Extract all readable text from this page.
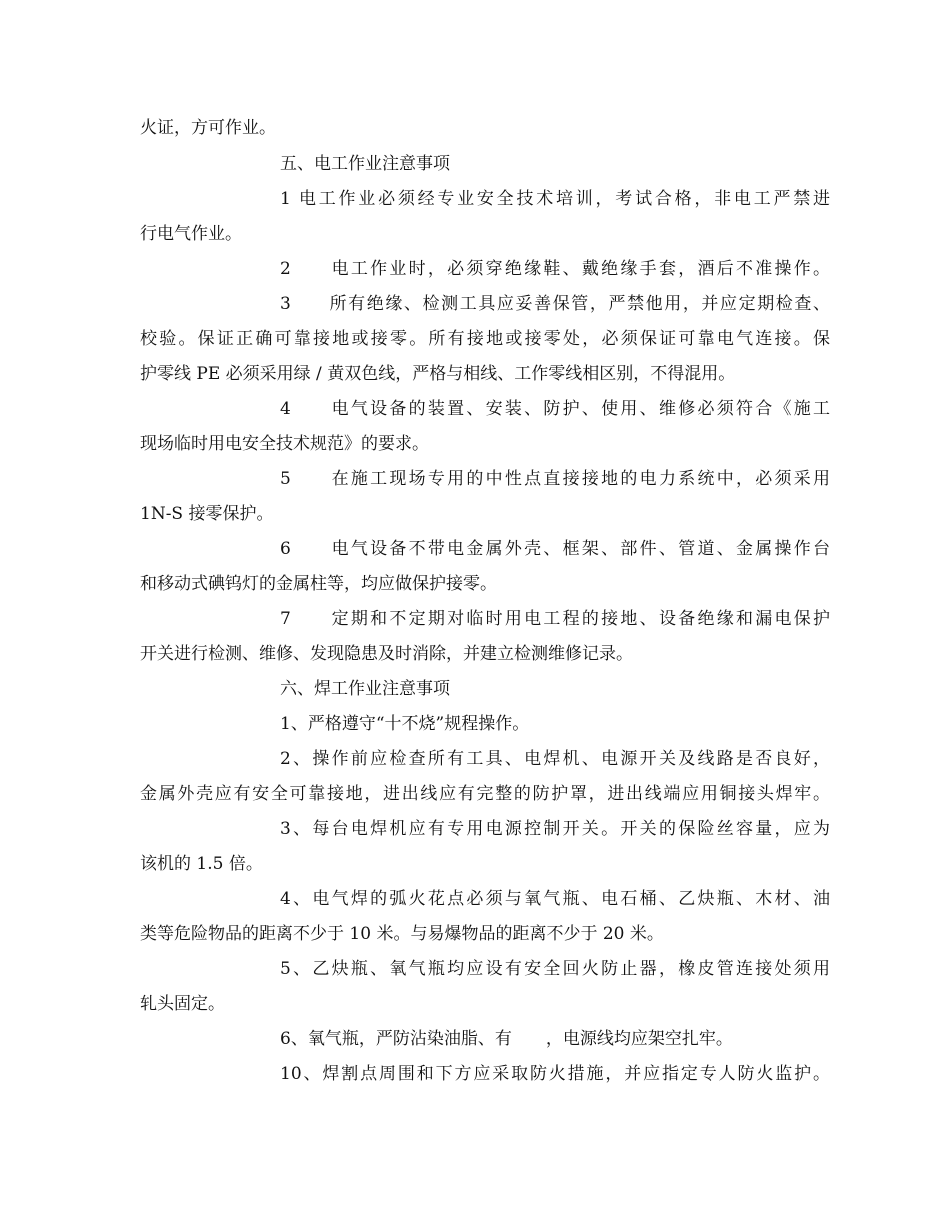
火证，方可作业。
五、电工作业注意事项
1 电工作业必须经专业安全技术培训，考试合格，非电工严禁进
行电气作业。
2　　电工作业时，必须穿绝缘鞋、戴绝缘手套，酒后不准操作。
3　　所有绝缘、检测工具应妥善保管，严禁他用，并应定期检查、
校验。保证正确可靠接地或接零。所有接地或接零处，必须保证可靠电气连接。保
护零线 PE 必须采用绿 / 黄双色线，严格与相线、工作零线相区别，不得混用。
4　　电气设备的装置、安装、防护、使用、维修必须符合《施工
现场临时用电安全技术规范》的要求。
5　　在施工现场专用的中性点直接接地的电力系统中，必须采用
1N-S 接零保护。
6　　电气设备不带电金属外壳、框架、部件、管道、金属操作台
和移动式碘钨灯的金属柱等，均应做保护接零。
7　　定期和不定期对临时用电工程的接地、设备绝缘和漏电保护
开关进行检测、维修、发现隐患及时消除，并建立检测维修记录。
六、焊工作业注意事项
1、严格遵守“十不烧”规程操作。
2、操作前应检查所有工具、电焊机、电源开关及线路是否良好，
金属外壳应有安全可靠接地，进出线应有完整的防护罩，进出线端应用铜接头焊牢。
3、每台电焊机应有专用电源控制开关。开关的保险丝容量，应为
该机的 1.5 倍。
4、电气焊的弧火花点必须与氧气瓶、电石桶、乙炔瓶、木材、油
类等危险物品的距离不少于 10 米。与易爆物品的距离不少于 20 米。
5、乙炔瓶、氧气瓶均应设有安全回火防止器，橡皮管连接处须用
轧头固定。
6、氧气瓶，严防沾染油脂、有　　，电源线均应架空扎牢。
10、焊割点周围和下方应采取防火措施，并应指定专人防火监护。
